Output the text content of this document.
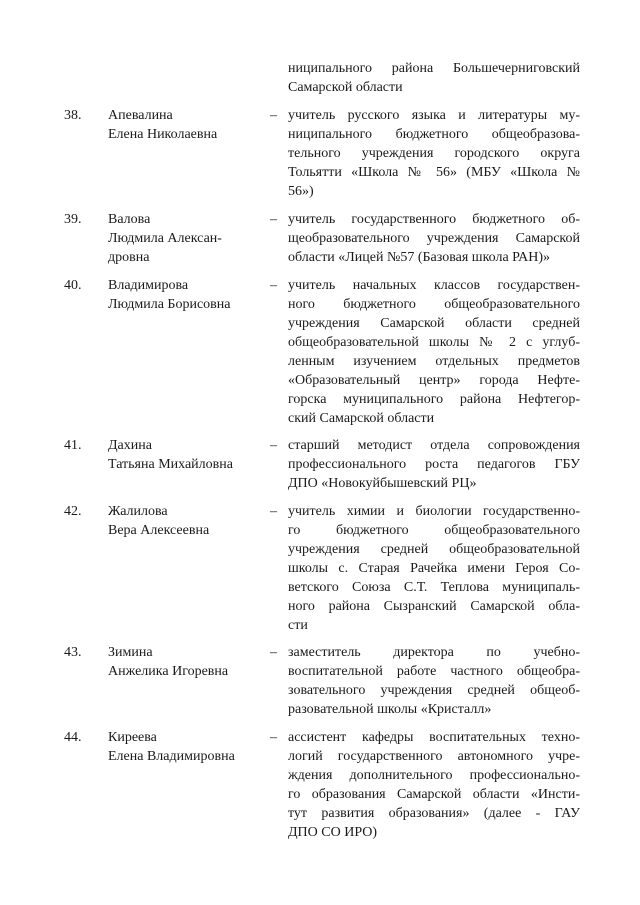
ниципального района Большечерниговский
Самарской области
38. Апевалина
Елена Николаевна
– учитель русского языка и литературы му-
ниципального бюджетного общеобразова-
тельного учреждения городского округа
Тольятти «Школа № 56» (МБУ «Школа №
56»)
39. Валова
Людмила Алексан-
дровна
– учитель государственного бюджетного об-
щеобразовательного учреждения Самарской
области «Лицей №57 (Базовая школа РАН)»
40. Владимирова
Людмила Борисовна
– учитель начальных классов государствен-
ного бюджетного общеобразовательного
учреждения Самарской области средней
общеобразовательной школы № 2 с углуб-
ленным изучением отдельных предметов
«Образовательный центр» города Нефте-
горска муниципального района Нефтегор-
ский Самарской области
41. Дахина
Татьяна Михайловна
– старший методист отдела сопровождения
профессионального роста педагогов ГБУ
ДПО «Новокуйбышевский РЦ»
42. Жалилова
Вера Алексеевна
– учитель химии и биологии государственно-
го бюджетного общеобразовательного
учреждения средней общеобразовательной
школы с. Старая Рачейка имени Героя Со-
ветского Союза С.Т. Теплова муниципаль-
ного района Сызранский Самарской обла-
сти
43. Зимина
Анжелика Игоревна
– заместитель директора по учебно-
воспитательной работе частного общеобра-
зовательного учреждения средней общеоб-
разовательной школы «Кристалл»
44. Киреева
Елена Владимировна
– ассистент кафедры воспитательных техно-
логий государственного автономного учре-
ждения дополнительного профессионально-
го образования Самарской области «Инсти-
тут развития образования» (далее - ГАУ
ДПО СО ИРО)
